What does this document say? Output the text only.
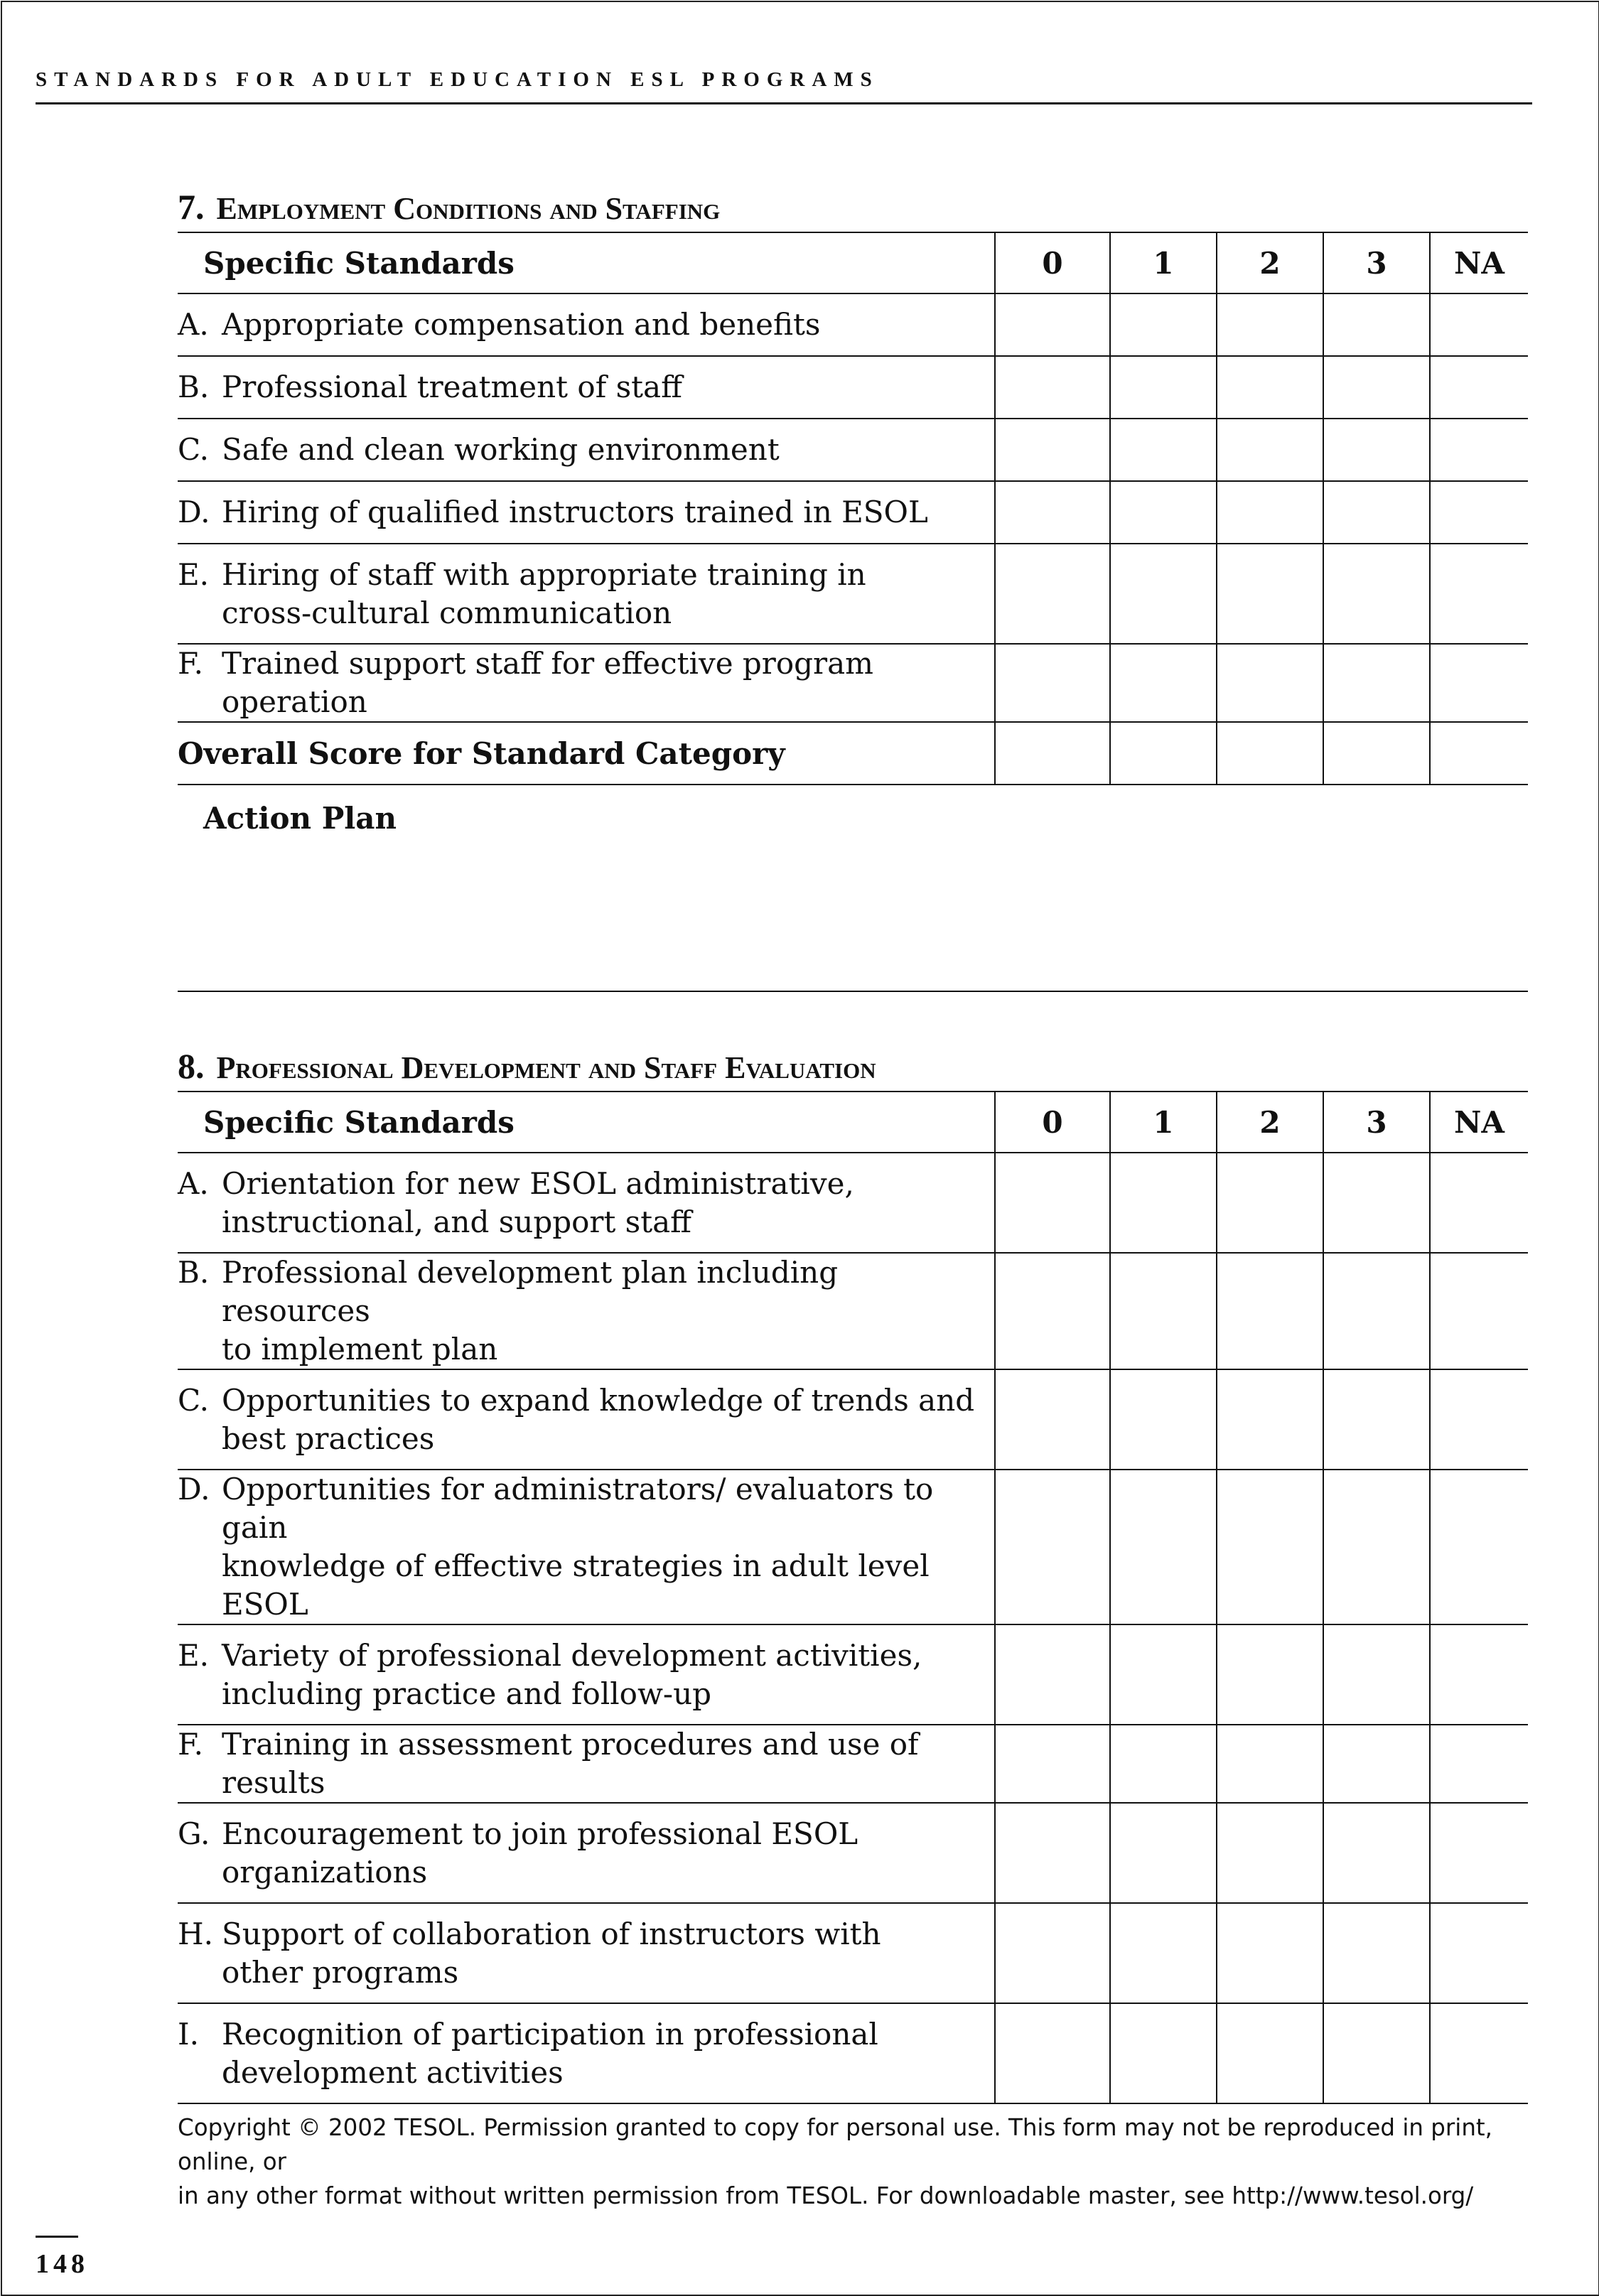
STANDARDS FOR ADULT EDUCATION ESL PROGRAMS
7. Employment Conditions and Staffing
Specific Standards	0	1	2	3	NA

A. Appropriate compensation and benefits					

B. Professional treatment of staff					

C. Safe and clean working environment					

D. Hiring of qualified instructors trained in ESOL					

E. Hiring of staff with appropriate training in
cross-cultural communication					

F. Trained support staff for effective program operation					

Overall Score for Standard Category					
Action Plan
8. Professional Development and Staff Evaluation
Specific Standards	0	1	2	3	NA

A. Orientation for new ESOL administrative,
instructional, and support staff					

B. Professional development plan including resources
to implement plan					

C. Opportunities to expand knowledge of trends and
best practices					

D. Opportunities for administrators/ evaluators to gain
knowledge of effective strategies in adult level ESOL					

E. Variety of professional development activities,
including practice and follow-up					

F. Training in assessment procedures and use of results					

G. Encouragement to join professional ESOL
organizations					

H. Support of collaboration of instructors with
other programs					

I. Recognition of participation in professional
development activities					

Copyright © 2002 TESOL. Permission granted to copy for personal use. This form may not be reproduced in print, online, or
in any other format without written permission from TESOL. For downloadable master, see http://www.tesol.org/
148
